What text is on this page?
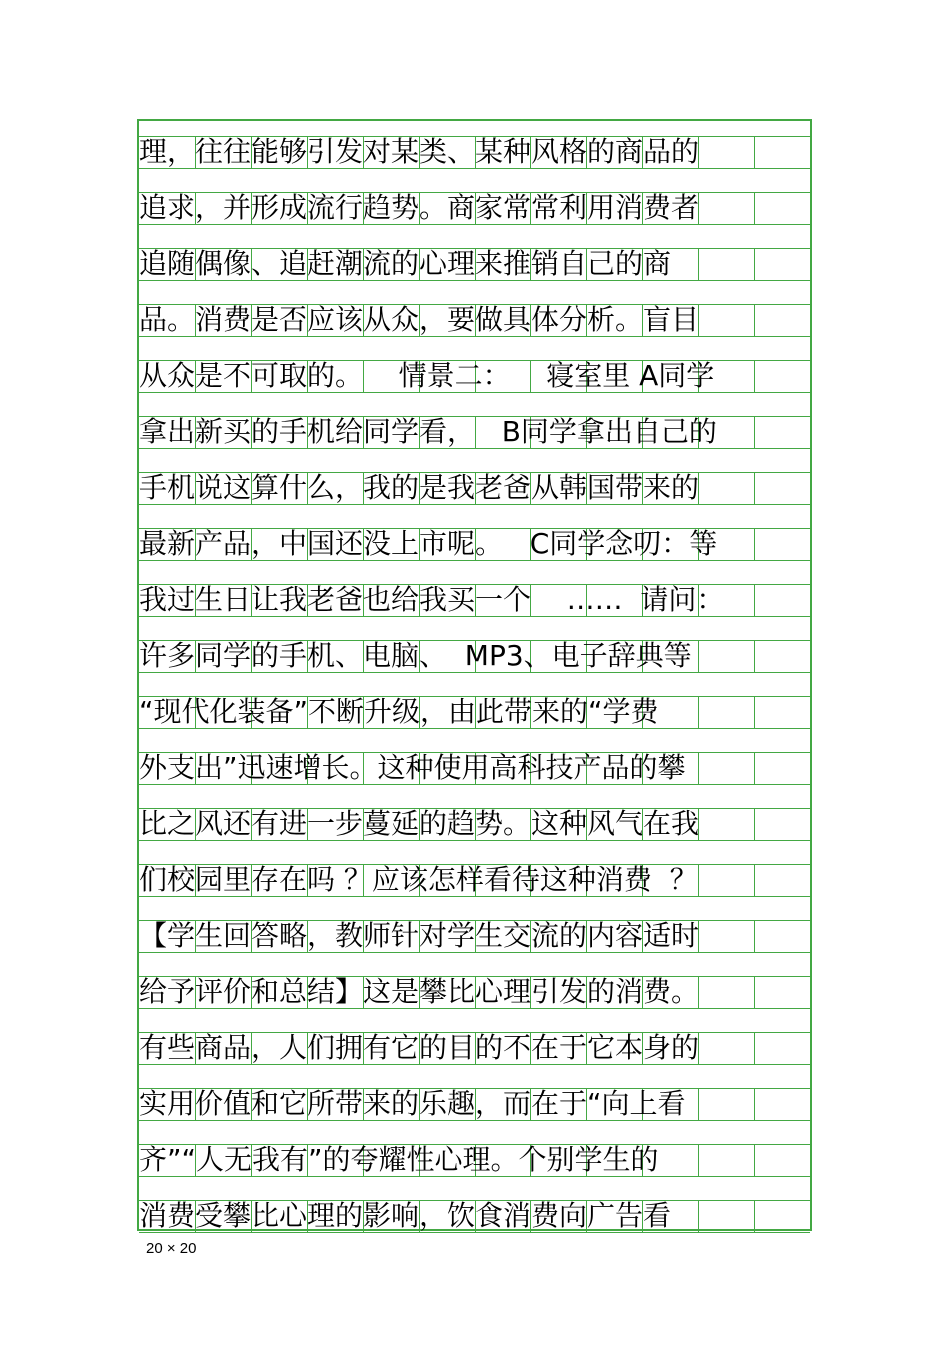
理，往往能够引发对某类、某种风格的商品的
追求，并形成流行趋势。商家常常利用消费者
追随偶像、追赶潮流的心理来推销自己的商
品。消费是否应该从众，要做具体分析。盲目
从众是不可取的。    情景二：    寝室里 A同学
拿出新买的手机给同学看，   B同学拿出自己的
手机说这算什么，我的是我老爸从韩国带来的
最新产品，中国还没上市呢。   C同学念叨：等
我过生日让我老爸也给我买一个    ……  请问：
许多同学的手机、电脑、  MP3、电子辞典等
“现代化装备”不断升级，由此带来的“学费
外支出”迅速增长。这种使用高科技产品的攀
比之风还有进一步蔓延的趋势。这种风气在我
们校园里存在吗 ？应该怎样看待这种消费  ？
【学生回答略，教师针对学生交流的内容适时
给予评价和总结】这是攀比心理引发的消费。
有些商品，人们拥有它的目的不在于它本身的
实用价值和它所带来的乐趣，而在于“向上看
齐”“人无我有”的夸耀性心理。个别学生的
消费受攀比心理的影响，饮食消费向广告看
20 × 20
